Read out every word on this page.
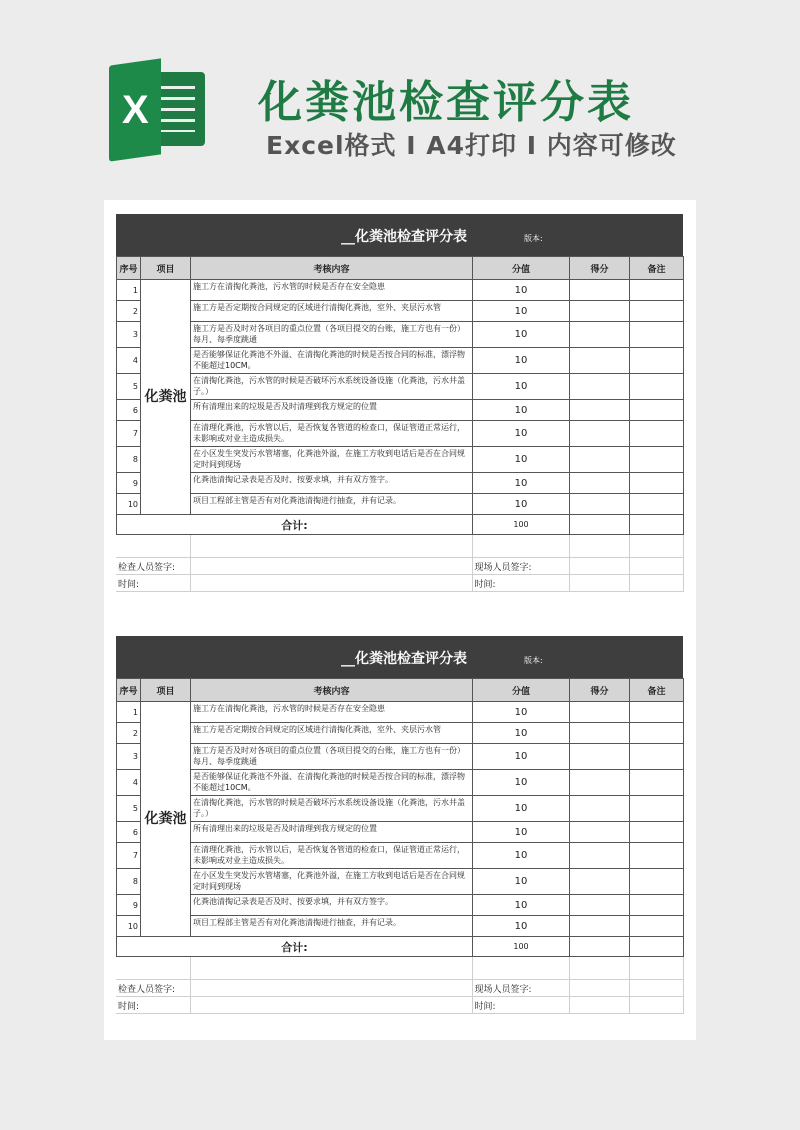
X 化粪池检查评分表
Excel格式 I A4打印 I 内容可修改
__化粪池检查评分表	版本:
序号	项目	考核内容	分值	得分	备注
1	化粪池	施工方在清掏化粪池，污水管的时候是否存在安全隐患	10		
2		施工方是否定期按合同规定的区域进行清掏化粪池，室外、夹层污水管	10		
3		施工方是否及时对各项目的重点位置（各项目提交的台账，施工方也有一份）每月、每季度跳通	10		
4		是否能够保证化粪池不外溢、在清掏化粪池的时候是否按合同的标准，漂浮物不能超过10CM。	10		
5		在清掏化粪池，污水管的时候是否破坏污水系统设备设施（化粪池，污水井盖子。）	10		
6		所有清理出来的垃圾是否及时清理到我方规定的位置	10		
7		在清理化粪池，污水管以后，是否恢复各管道的检查口，保证管道正常运行，未影响或对业主造成损失。	10		
8		在小区发生突发污水管堵塞，化粪池外溢，在施工方收到电话后是否在合同规定时间到现场	10		
9		化粪池清掏记录表是否及时、按要求填，并有双方签字。	10		
10		项目工程部主管是否有对化粪池清掏进行抽查，并有记录。	10		
合计:			100		

检查人员签字:		现场人员签字:		
时间:		时间:		
__化粪池检查评分表	版本:
序号	项目	考核内容	分值	得分	备注
1	化粪池	施工方在清掏化粪池，污水管的时候是否存在安全隐患	10		
2		施工方是否定期按合同规定的区域进行清掏化粪池，室外、夹层污水管	10		
3		施工方是否及时对各项目的重点位置（各项目提交的台账，施工方也有一份）每月、每季度跳通	10		
4		是否能够保证化粪池不外溢、在清掏化粪池的时候是否按合同的标准，漂浮物不能超过10CM。	10		
5		在清掏化粪池，污水管的时候是否破坏污水系统设备设施（化粪池，污水井盖子。）	10		
6		所有清理出来的垃圾是否及时清理到我方规定的位置	10		
7		在清理化粪池，污水管以后，是否恢复各管道的检查口，保证管道正常运行，未影响或对业主造成损失。	10		
8		在小区发生突发污水管堵塞，化粪池外溢，在施工方收到电话后是否在合同规定时间到现场	10		
9		化粪池清掏记录表是否及时、按要求填，并有双方签字。	10		
10		项目工程部主管是否有对化粪池清掏进行抽查，并有记录。	10		
合计:			100		

检查人员签字:		现场人员签字:		
时间:		时间:		
